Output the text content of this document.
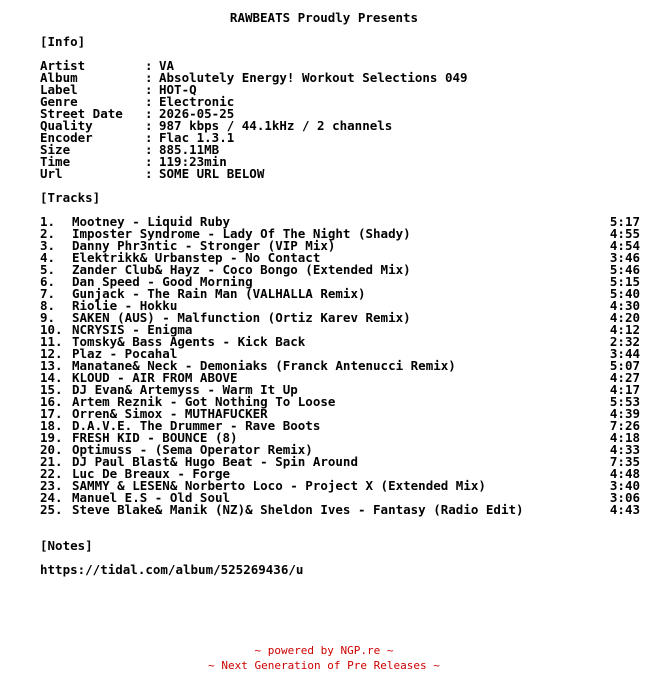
RAWBEATS Proudly Presents
[Info]
Artist	: VA
Album	: Absolutely Energy! Workout Selections 049
Label	: HOT-Q
Genre	: Electronic
Street Date : 2026-05-25
Quality	: 987 kbps / 44.1kHz / 2 channels
Encoder	: Flac 1.3.1
Size	: 885.11MB
Time	: 119:23min
Url	: SOME URL BELOW
[Tracks]
1. Mootney - Liquid Ruby	5:17
2. Imposter Syndrome - Lady Of The Night (Shady)	4:55
3. Danny Phr3ntic - Stronger (VIP Mix)	4:54
4. Elektrikk& Urbanstep - No Contact	3:46
5. Zander Club& Hayz - Coco Bongo (Extended Mix)	5:46
6. Dan Speed - Good Morning	5:15
7. Gunjack - The Rain Man (VALHALLA Remix)	5:40
8. Riolie - Hokku	4:30
9. SAKEN (AUS) - Malfunction (Ortiz Karev Remix)	4:20
10. NCRYSIS - Enigma	4:12
11. Tomsky& Bass Agents - Kick Back	2:32
12. Plaz - Pocahal	3:44
13. Manatane& Neck - Demoniaks (Franck Antenucci Remix)	5:07
14. KLOUD - AIR FROM ABOVE	4:27
15. DJ Evan& Artemyss - Warm It Up	4:17
16. Artem Reznik - Got Nothing To Loose	5:53
17. Orren& Simox - MUTHAFUCKER	4:39
18. D.A.V.E. The Drummer - Rave Boots	7:26
19. FRESH KID - BOUNCE (8)	4:18
20. Optimuss - (Sema Operator Remix)	4:33
21. DJ Paul Blast& Hugo Beat - Spin Around	7:35
22. Luc De Breaux - Forge	4:48
23. SAMMY & LESEN& Norberto Loco - Project X (Extended Mix)	3:40
24. Manuel E.S - Old Soul	3:06
25. Steve Blake& Manik (NZ)& Sheldon Ives - Fantasy (Radio Edit)	4:43
[Notes]
https://tidal.com/album/525269436/u
~ powered by NGP.re ~
~ Next Generation of Pre Releases ~
